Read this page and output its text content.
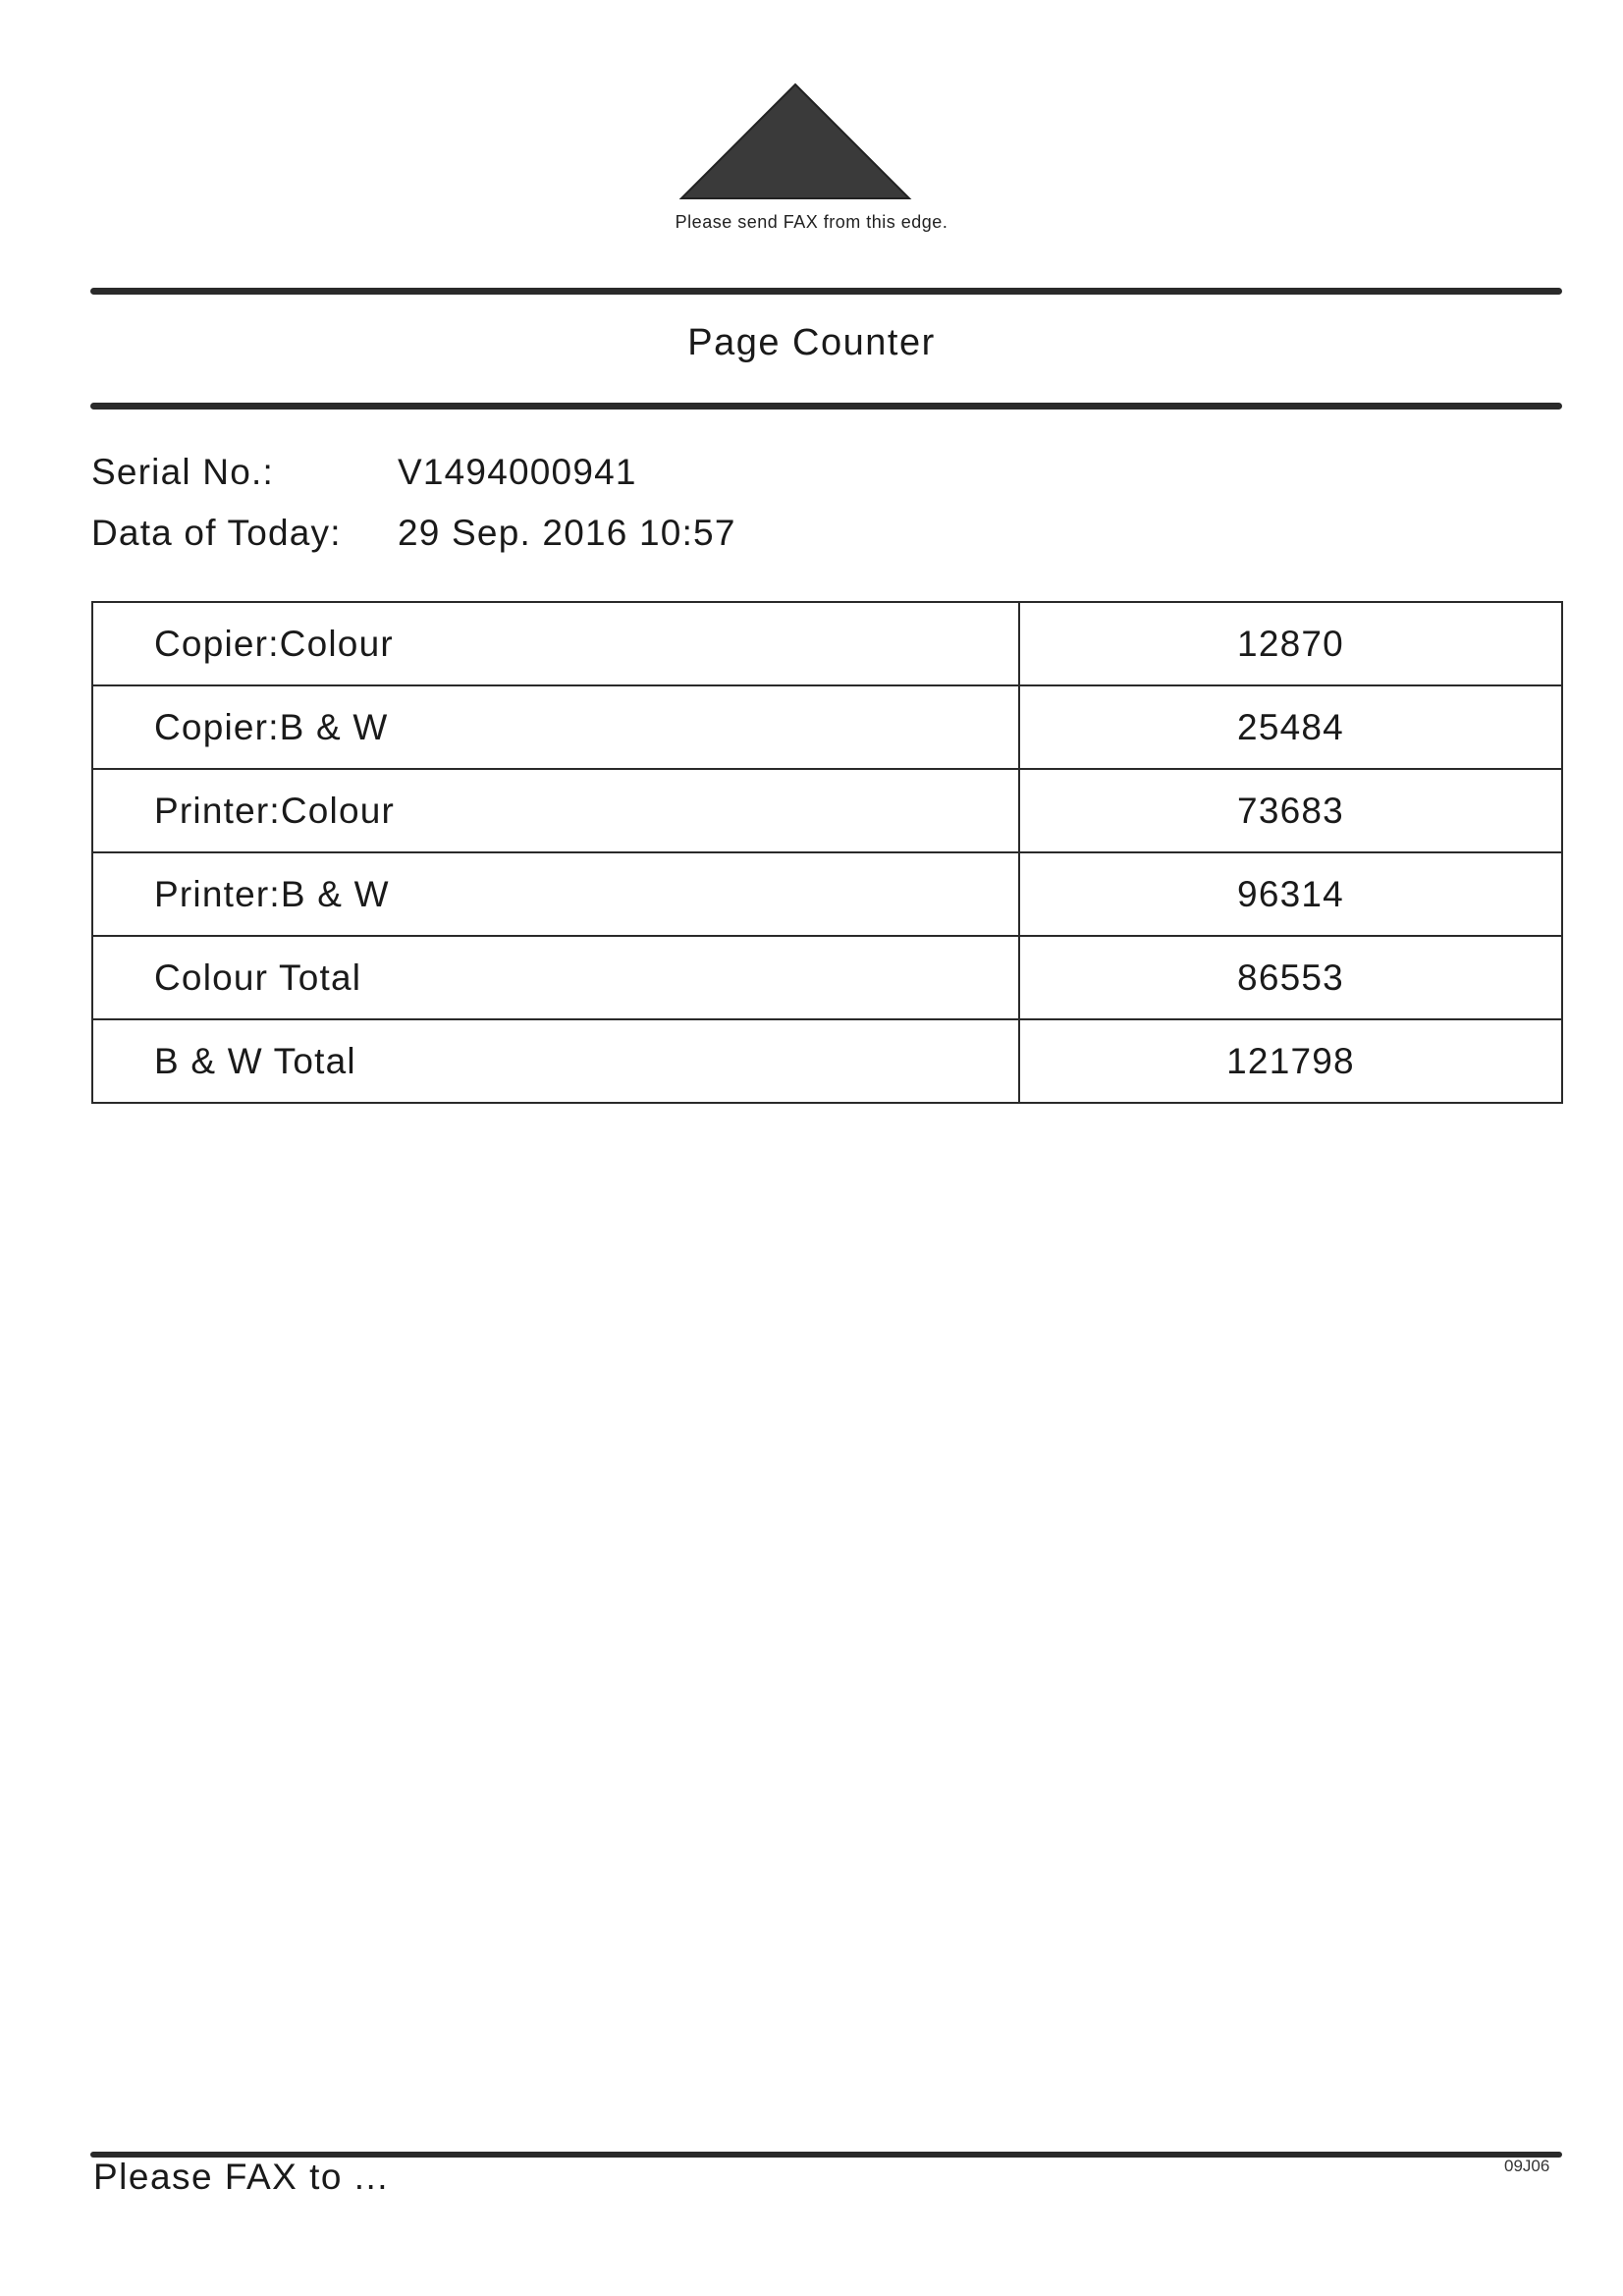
Please send FAX from this edge.
Page Counter
Serial No.:	V1494000941
Data of Today: 29 Sep. 2016 10:57
Copier:Colour	12870
Copier:B & W	25484
Printer:Colour	73683
Printer:B & W	96314
Colour Total	86553
B & W Total	121798
Please FAX to ...	09J06
